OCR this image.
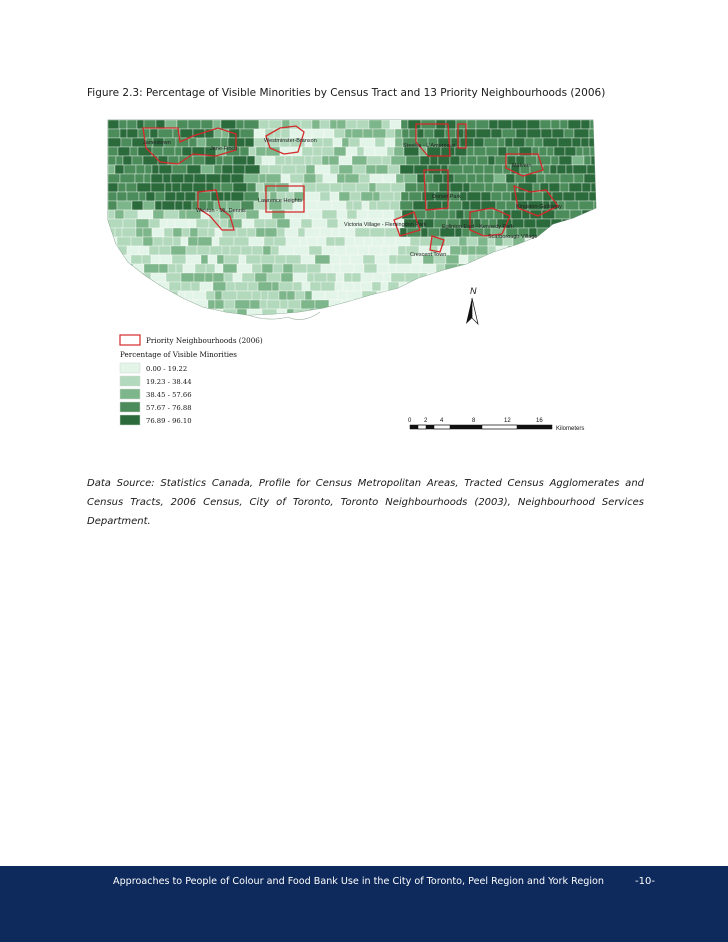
Figure 2.3: Percentage of Visible Minorities by Census Tract and 13 Priority Neighbourhoods (2006)
Jamestown
Jane-Finch
Westminster-Branson
Steeles - L'Amoreaux
Malvern
Dorset Park
Kingston-Galloway
Lawrence Heights
Weston - Mt. Dennis
Victoria Village - Flemingdon Park	Eglinton East - Kennedy Park
Scarborough Village
Crescent Town
N
Priority Neighbourhoods (2006)
Percentage of Visible Minorities
0.00 - 19.22
19.23 - 38.44
38.45 - 57.66
57.67 - 76.88
76.89 - 96.10	0 2 4	8	12	16
Kilometers
Data Source: Statistics Canada, Profile for Census Metropolitan Areas, Tracted Census Agglomerates and Census Tracts, 2006 Census, City of Toronto, Toronto Neighbourhoods (2003), Neighbourhood Services Department.
Approaches to People of Colour and Food Bank Use in the City of Toronto, Peel Region and York Region	-10-
